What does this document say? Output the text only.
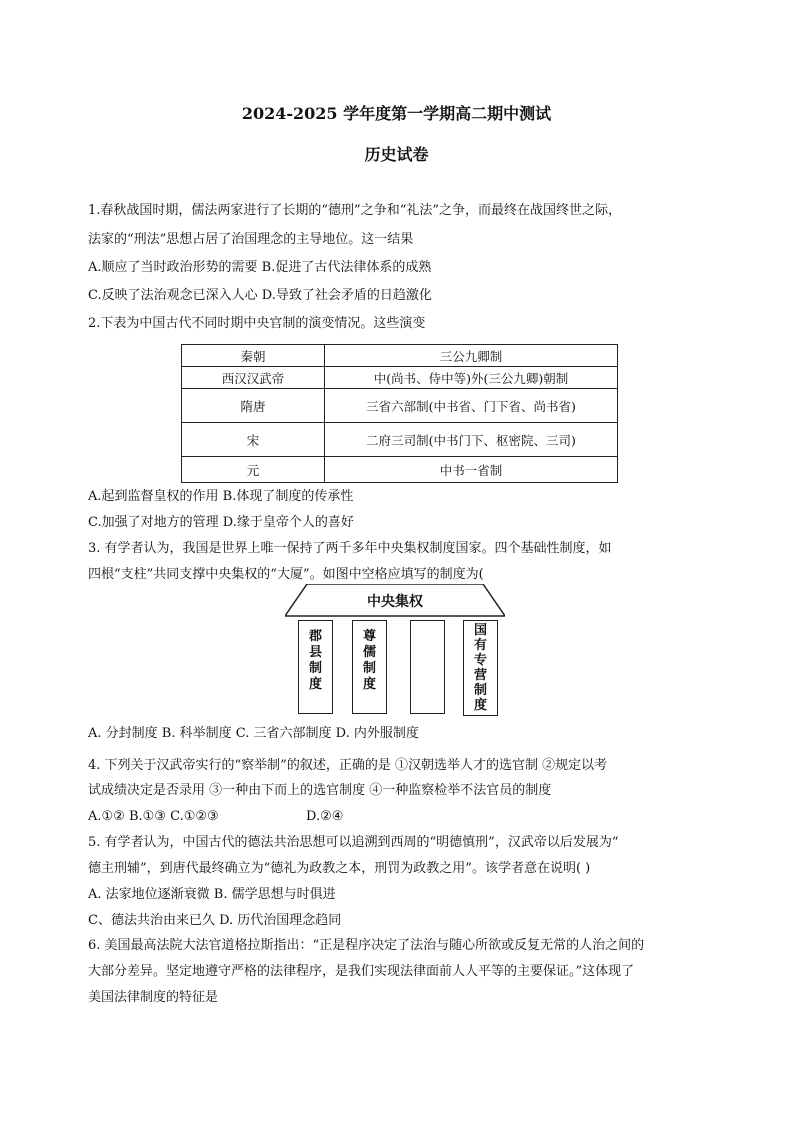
2024-2025 学年度第一学期高二期中测试
历史试卷
1.春秋战国时期，儒法两家进行了长期的“德刑”之争和“礼法”之争，而最终在战国终世之际，
法家的“刑法”思想占居了治国理念的主导地位。这一结果
A.顺应了当时政治形势的需要 B.促进了古代法律体系的成熟
C.反映了法治观念已深入人心 D.导致了社会矛盾的日趋激化
2.下表为中国古代不同时期中央官制的演变情况。这些演变
秦朝	三公九卿制
西汉汉武帝	中(尚书、侍中等)外(三公九卿)朝制
隋唐	三省六部制(中书省、门下省、尚书省)
宋	二府三司制(中书门下、枢密院、三司)
元	中书一省制
A.起到监督皇权的作用 B.体现了制度的传承性
C.加强了对地方的管理 D.缘于皇帝个人的喜好
3. 有学者认为，我国是世界上唯一保持了两千多年中央集权制度国家。四个基础性制度，如
四根“支柱”共同支撑中央集权的“大厦”。如图中空格应填写的制度为(
中央集权
郡
县
制
度
尊
儒
制
度
国
有
专
营
制
度
A. 分封制度 B. 科举制度 C. 三省六部制度 D. 内外服制度
4. 下列关于汉武帝实行的“察举制”的叙述，正确的是 ①汉朝选举人才的选官制 ②规定以考
试成绩决定是否录用 ③一种由下而上的选官制度 ④一种监察检举不法官员的制度
A.①② B.①③ C.①②③	D.②④
5. 有学者认为，中国古代的德法共治思想可以追溯到西周的“明德慎刑”，汉武帝以后发展为“
德主刑辅”，到唐代最终确立为“德礼为政教之本，刑罚为政教之用”。该学者意在说明( )
A. 法家地位逐渐衰微 B. 儒学思想与时俱进
C、德法共治由来已久 D. 历代治国理念趋同
6. 美国最高法院大法官道格拉斯指出：“正是程序决定了法治与随心所欲或反复无常的人治之间的
大部分差异。坚定地遵守严格的法律程序，是我们实现法律面前人人平等的主要保证。”这体现了
美国法律制度的特征是
